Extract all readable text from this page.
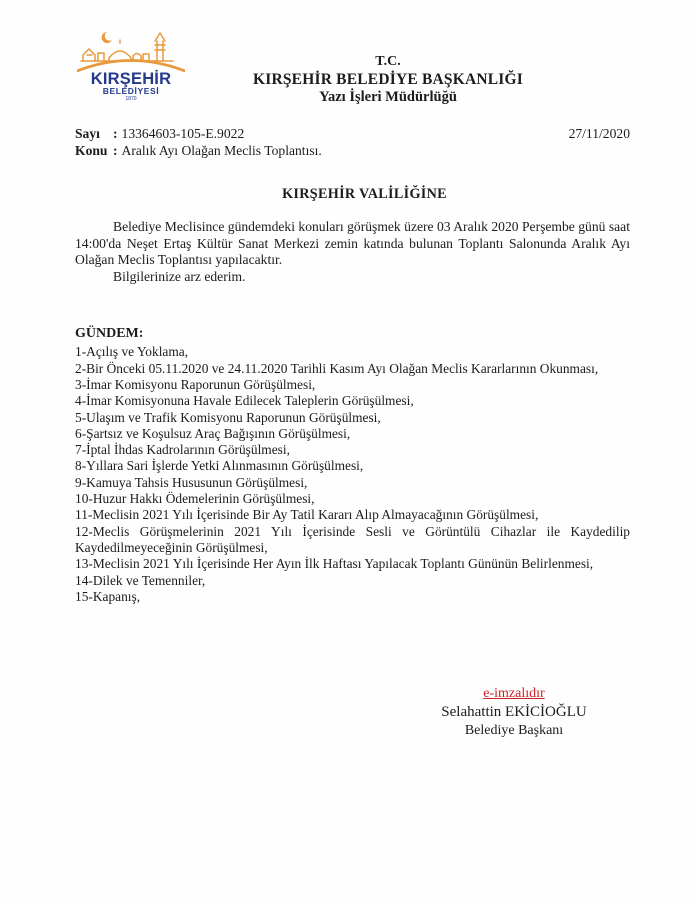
KIRŞEHİR
BELEDİYESİ
1870
T.C.
KIRŞEHİR BELEDİYE BAŞKANLIĞI
Yazı İşleri Müdürlüğü
Sayı : 13364603-105-E.9022
Konu : Aralık Ayı Olağan Meclis Toplantısı.
27/11/2020
KIRŞEHİR VALİLİĞİNE

Belediye Meclisince gündemdeki konuları görüşmek üzere 03 Aralık 2020 Perşembe günü saat 14:00'da Neşet Ertaş Kültür Sanat Merkezi zemin katında bulunan Toplantı Salonunda Aralık Ayı Olağan Meclis Toplantısı yapılacaktır.

Bilgilerinize arz ederim.

GÜNDEM:
1-Açılış ve Yoklama,
2-Bir Önceki 05.11.2020 ve 24.11.2020 Tarihli Kasım Ayı Olağan Meclis Kararlarının Okunması,
3-İmar Komisyonu Raporunun Görüşülmesi,
4-İmar Komisyonuna Havale Edilecek Taleplerin Görüşülmesi,
5-Ulaşım ve Trafik Komisyonu Raporunun Görüşülmesi,
6-Şartsız ve Koşulsuz Araç Bağışının Görüşülmesi,
7-İptal İhdas Kadrolarının Görüşülmesi,
8-Yıllara Sari İşlerde Yetki Alınmasının Görüşülmesi,
9-Kamuya Tahsis Hususunun Görüşülmesi,
10-Huzur Hakkı Ödemelerinin Görüşülmesi,
11-Meclisin 2021 Yılı İçerisinde Bir Ay Tatil Kararı Alıp Almayacağının Görüşülmesi,
12-Meclis Görüşmelerinin 2021 Yılı İçerisinde Sesli ve Görüntülü Cihazlar ile Kaydedilip Kaydedilmeyeceğinin Görüşülmesi,
13-Meclisin 2021 Yılı İçerisinde Her Ayın İlk Haftası Yapılacak Toplantı Gününün Belirlenmesi,
14-Dilek ve Temenniler,
15-Kapanış,
e-imzalıdır
Selahattin EKİCİOĞLU
Belediye Başkanı
